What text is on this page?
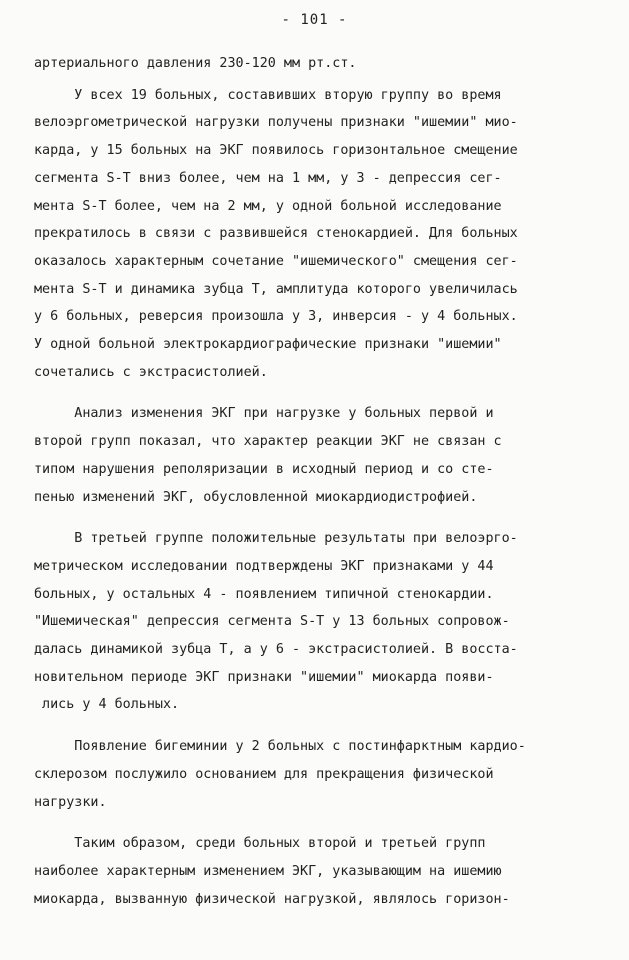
- 101 -
артериального давления 230-120 мм рт.ст.
У всех 19 больных, составивших вторую группу во время
велоэргометрической нагрузки получены признаки "ишемии" мио-
карда, у 15 больных на ЭКГ появилось горизонтальное смещение
сегмента S-T вниз более, чем на 1 мм, у 3 - депрессия сег-
мента S-T более, чем на 2 мм, у одной больной исследование
прекратилось в связи с развившейся стенокардией. Для больных
оказалось характерным сочетание "ишемического" смещения сег-
мента S-T и динамика зубца Т, амплитуда которого увеличилась
у 6 больных, реверсия произошла у 3, инверсия - у 4 больных.
У одной больной электрокардиографические признаки "ишемии"
сочетались с экстрасистолией.
Анализ изменения ЭКГ при нагрузке у больных первой и
второй групп показал, что характер реакции ЭКГ не связан с
типом нарушения реполяризации в исходный период и со сте-
пенью изменений ЭКГ, обусловленной миокардиодистрофией.
В третьей группе положительные результаты при велоэрго-
метрическом исследовании подтверждены ЭКГ признаками у 44
больных, у остальных 4 - появлением типичной стенокардии.
"Ишемическая" депрессия сегмента S-T у 13 больных сопровож-
далась динамикой зубца Т, а у 6 - экстрасистолией. В восста-
новительном периоде ЭКГ признаки "ишемии" миокарда появи-
лись у 4 больных.
Появление бигеминии у 2 больных с постинфарктным кардио-
склерозом послужило основанием для прекращения физической
нагрузки.
Таким образом, среди больных второй и третьей групп
наиболее характерным изменением ЭКГ, указывающим на ишемию
миокарда, вызванную физической нагрузкой, являлось горизон-
